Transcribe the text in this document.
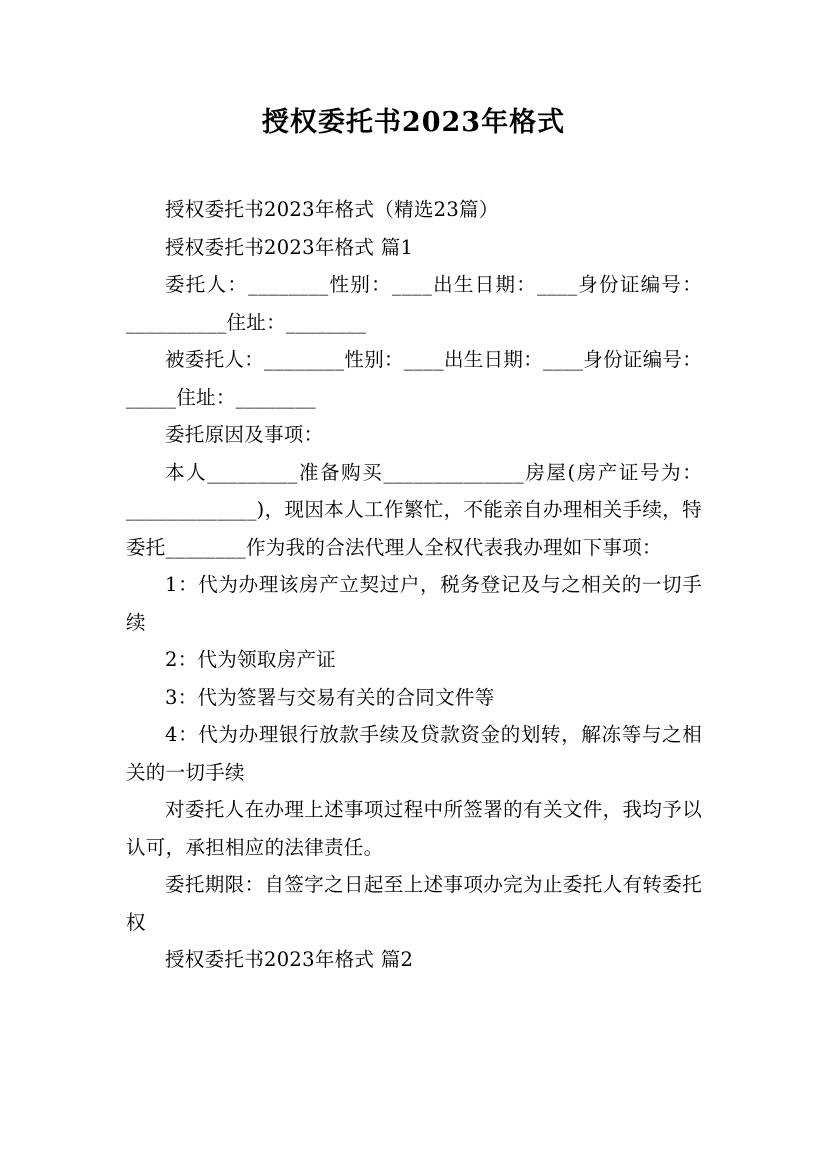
授权委托书2023年格式

授权委托书2023年格式（精选23篇）

授权委托书2023年格式 篇1

委托人：________性别：____出生日期：____身份证编号：__________住址：________

被委托人：________性别：____出生日期：____身份证编号：_____住址：________

委托原因及事项：

本人_________准备购买______________房屋(房产证号为：_____________)，现因本人工作繁忙，不能亲自办理相关手续，特委托________作为我的合法代理人全权代表我办理如下事项：

1：代为办理该房产立契过户，税务登记及与之相关的一切手续

2：代为领取房产证

3：代为签署与交易有关的合同文件等

4：代为办理银行放款手续及贷款资金的划转，解冻等与之相关的一切手续

对委托人在办理上述事项过程中所签署的有关文件，我均予以认可，承担相应的法律责任。

委托期限：自签字之日起至上述事项办完为止委托人有转委托权

授权委托书2023年格式 篇2
